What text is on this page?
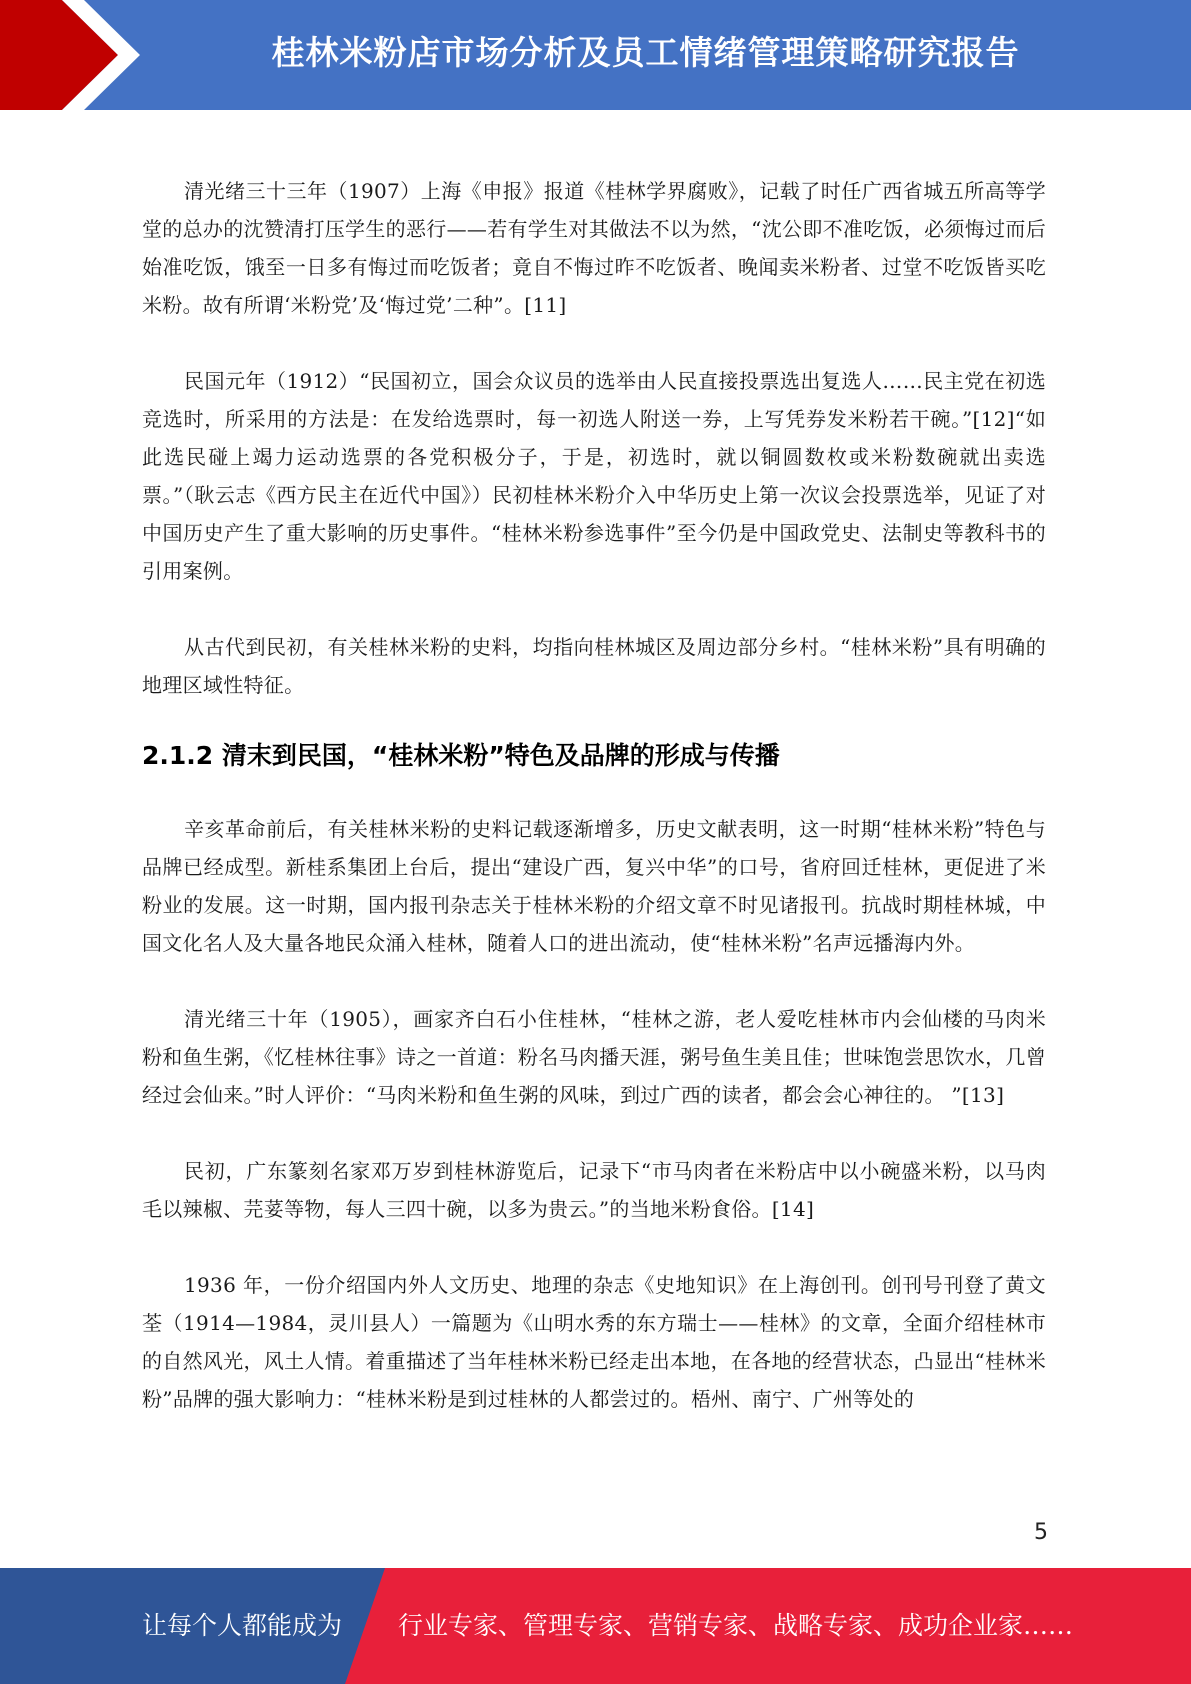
桂林米粉店市场分析及员工情绪管理策略研究报告

清光绪三十三年（1907）上海《申报》报道《桂林学界腐败》，记载了时任广西省城五所高等学堂的总办的沈赞清打压学生的恶行——若有学生对其做法不以为然，“沈公即不准吃饭，必须悔过而后始准吃饭，饿至一日多有悔过而吃饭者；竟自不悔过昨不吃饭者、晚闻卖米粉者、过堂不吃饭皆买吃米粉。故有所谓‘米粉党’及‘悔过党’二种”。[11]

民国元年（1912）“民国初立，国会众议员的选举由人民直接投票选出复选人……民主党在初选竞选时，所采用的方法是：在发给选票时，每一初选人附送一券，上写凭券发米粉若干碗。”[12]“如此选民碰上竭力运动选票的各党积极分子，于是，初选时，就以铜圆数枚或米粉数碗就出卖选票。”（耿云志《西方民主在近代中国》）民初桂林米粉介入中华历史上第一次议会投票选举，见证了对中国历史产生了重大影响的历史事件。“桂林米粉参选事件”至今仍是中国政党史、法制史等教科书的引用案例。

从古代到民初，有关桂林米粉的史料，均指向桂林城区及周边部分乡村。“桂林米粉”具有明确的地理区域性特征。

2.1.2 清末到民国，“桂林米粉”特色及品牌的形成与传播

辛亥革命前后，有关桂林米粉的史料记载逐渐增多，历史文献表明，这一时期“桂林米粉”特色与品牌已经成型。新桂系集团上台后，提出“建设广西，复兴中华”的口号，省府回迁桂林，更促进了米粉业的发展。这一时期，国内报刊杂志关于桂林米粉的介绍文章不时见诸报刊。抗战时期桂林城，中国文化名人及大量各地民众涌入桂林，随着人口的进出流动，使“桂林米粉”名声远播海内外。

清光绪三十年（1905），画家齐白石小住桂林，“桂林之游，老人爱吃桂林市内会仙楼的马肉米粉和鱼生粥，《忆桂林往事》诗之一首道：粉名马肉播天涯，粥号鱼生美且佳；世味饱尝思饮水，几曾经过会仙来。”时人评价：“马肉米粉和鱼生粥的风味，到过广西的读者，都会会心神往的。 ”[13]

民初，广东篆刻名家邓万岁到桂林游览后，记录下“市马肉者在米粉店中以小碗盛米粉，以马肉毛以辣椒、芫荽等物，每人三四十碗，以多为贵云。”的当地米粉食俗。[14]

1936 年，一份介绍国内外人文历史、地理的杂志《史地知识》在上海创刊。创刊号刊登了黄文荃（1914—1984，灵川县人）一篇题为《山明水秀的东方瑞士——桂林》的文章，全面介绍桂林市的自然风光，风土人情。着重描述了当年桂林米粉已经走出本地，在各地的经营状态，凸显出“桂林米粉”品牌的强大影响力：“桂林米粉是到过桂林的人都尝过的。梧州、南宁、广州等处的

5
让每个人都能成为 行业专家、管理专家、营销专家、战略专家、成功企业家……
